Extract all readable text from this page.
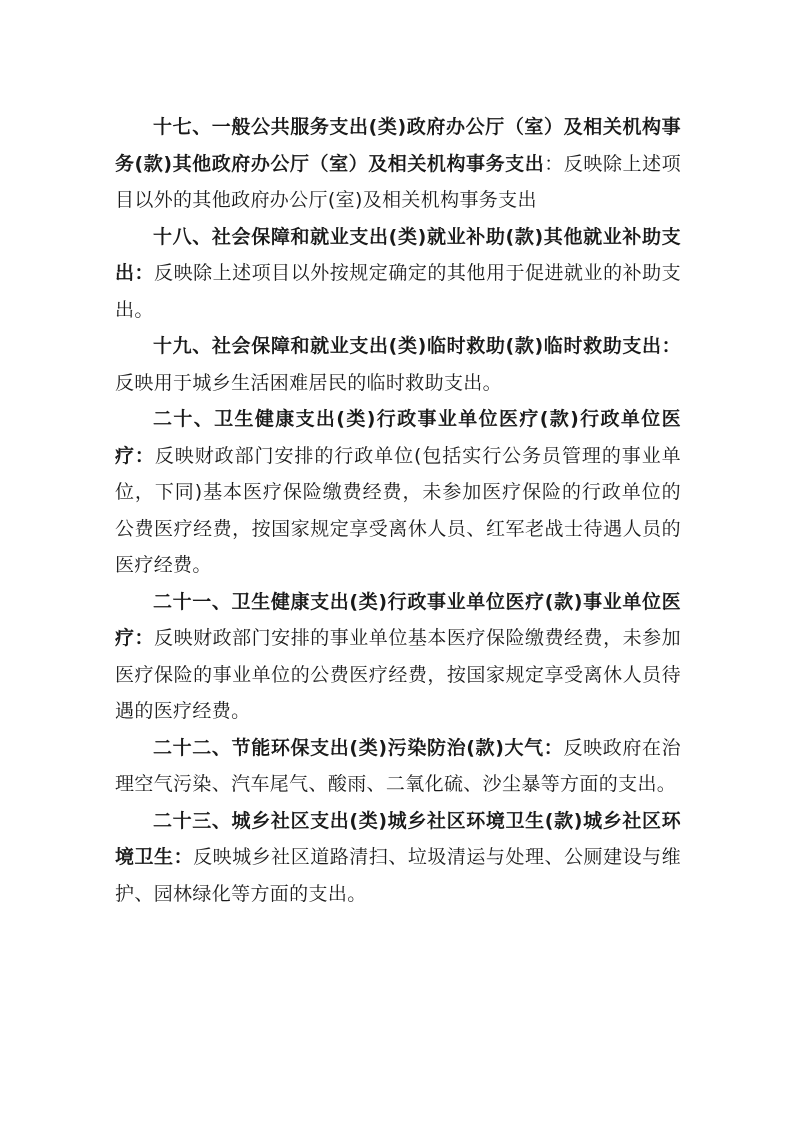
十七、一般公共服务支出(类)政府办公厅（室）及相关机构事务(款)其他政府办公厅（室）及相关机构事务支出：反映除上述项目以外的其他政府办公厅(室)及相关机构事务支出

十八、社会保障和就业支出(类)就业补助(款)其他就业补助支出：反映除上述项目以外按规定确定的其他用于促进就业的补助支出。

十九、社会保障和就业支出(类)临时救助(款)临时救助支出：反映用于城乡生活困难居民的临时救助支出。

二十、卫生健康支出(类)行政事业单位医疗(款)行政单位医疗：反映财政部门安排的行政单位(包括实行公务员管理的事业单位，下同)基本医疗保险缴费经费，未参加医疗保险的行政单位的公费医疗经费，按国家规定享受离休人员、红军老战士待遇人员的医疗经费。

二十一、卫生健康支出(类)行政事业单位医疗(款)事业单位医疗：反映财政部门安排的事业单位基本医疗保险缴费经费，未参加医疗保险的事业单位的公费医疗经费，按国家规定享受离休人员待遇的医疗经费。

二十二、节能环保支出(类)污染防治(款)大气：反映政府在治理空气污染、汽车尾气、酸雨、二氧化硫、沙尘暴等方面的支出。

二十三、城乡社区支出(类)城乡社区环境卫生(款)城乡社区环境卫生：反映城乡社区道路清扫、垃圾清运与处理、公厕建设与维护、园林绿化等方面的支出。
